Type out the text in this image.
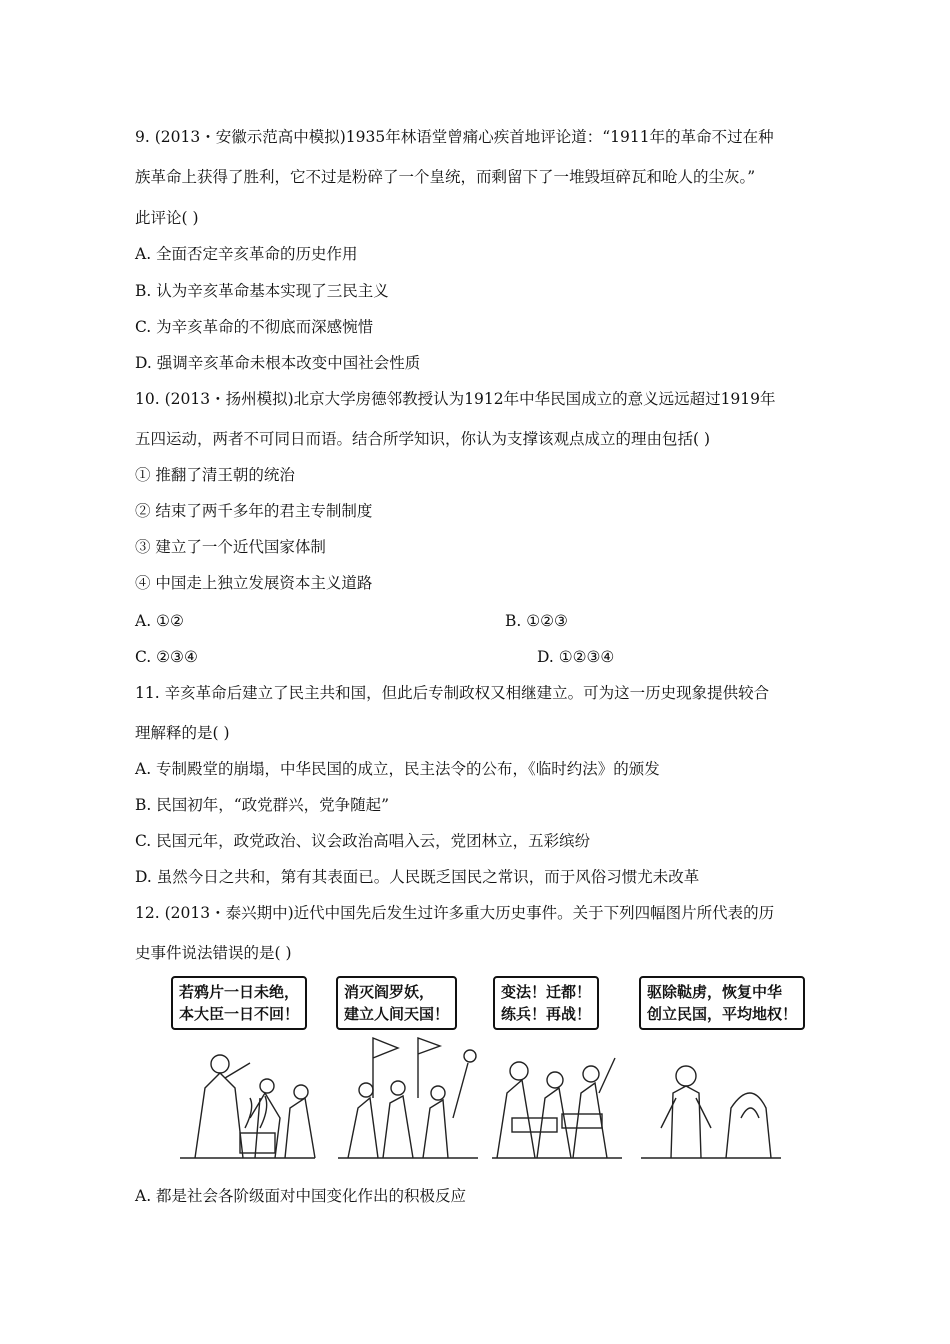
9. (2013・安徽示范高中模拟)1935年林语堂曾痛心疾首地评论道：“1911年的革命不过在种
族革命上获得了胜利，它不过是粉碎了一个皇统，而剩留下了一堆毁垣碎瓦和呛人的尘灰。”
此评论( )
A. 全面否定辛亥革命的历史作用
B. 认为辛亥革命基本实现了三民主义
C. 为辛亥革命的不彻底而深感惋惜
D. 强调辛亥革命未根本改变中国社会性质
10. (2013・扬州模拟)北京大学房德邻教授认为1912年中华民国成立的意义远远超过1919年
五四运动，两者不可同日而语。结合所学知识，你认为支撑该观点成立的理由包括( )
① 推翻了清王朝的统治
② 结束了两千多年的君主专制制度
③ 建立了一个近代国家体制
④ 中国走上独立发展资本主义道路
A. ①②	B. ①②③
C. ②③④	D. ①②③④
11. 辛亥革命后建立了民主共和国，但此后专制政权又相继建立。可为这一历史现象提供较合
理解释的是( )
A. 专制殿堂的崩塌，中华民国的成立，民主法令的公布，《临时约法》的颁发
B. 民国初年，“政党群兴，党争随起”
C. 民国元年，政党政治、议会政治高唱入云，党团林立，五彩缤纷
D. 虽然今日之共和，第有其表面已。人民既乏国民之常识，而于风俗习惯尤未改革
12. (2013・泰兴期中)近代中国先后发生过许多重大历史事件。关于下列四幅图片所代表的历
史事件说法错误的是( )
若鸦片一日未绝，
本大臣一日不回！
消灭阎罗妖，
建立人间天国！
变法！迁都！
练兵！再战！
驱除鞑虏，恢复中华
创立民国，平均地权！
A. 都是社会各阶级面对中国变化作出的积极反应
